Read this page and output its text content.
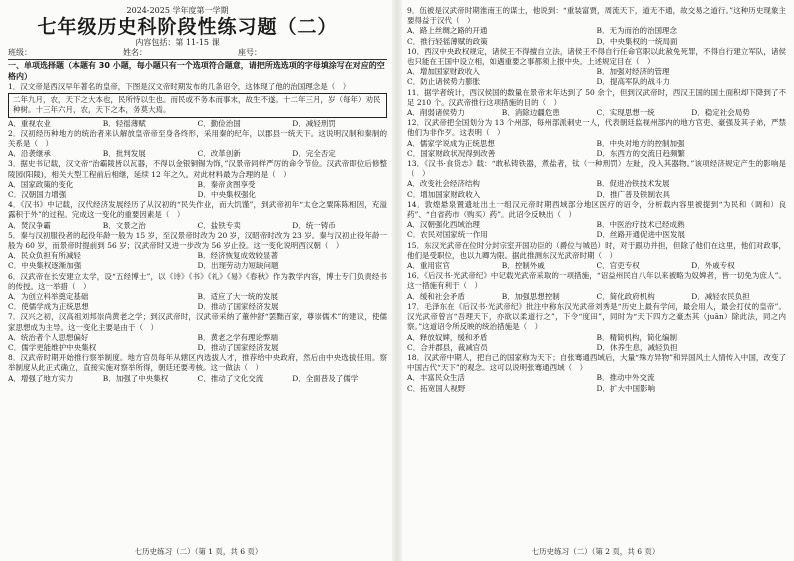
2024-2025 学年度第一学期
七年级历史科阶段性练习题（二）
内容包括：第 11-15 课
班级：	姓名：	座号：
一、单项选择题（本题有 30 小题，每小题只有一个选项符合题意，请把所选选项的字母填涂写在对应的空格内）
1．汉文帝是西汉早年著名的皇帝，下图是汉文帝时期发布的几条诏令，这体现了他的治国理念是（　）
二年九月，农，天下之大本也，民所恃以生也。而民或不务本而事末，故生不遂。十二年三月，岁（每年）劝民种树。十三年六月，农，天下之本，务莫大焉。
A．重视农业	B．轻徭薄赋	C．勤俭治国	D．减轻刑罚
2．汉初经历种地方的统治者来认解放皇帝帝至身各终形，采用秦的纪年，以郡县一统天下。这说明汉制和秦制的关系是（　）
A．沿袭继承	B．批判发展	C．改革创新	D．完全否定
3．据史书记载，汉文帝“治霸陵皆以瓦器，不得以金银铜锡为饰，”汉景帝同样严厉的命令节俭。汉武帝即位后修整陵园(阳陵)，相关大型工程前后相继，延续 12 年之久。对此材料最为合理的是（　）
A．国家政策的变化	B．秦帝贪图享受
C．汉朝国力增强	D．中央集权强化
4．《汉书》中记载，汉代经济发展经历了从汉初的“民失作业，而大饥馑”，到武帝初年“太仓之粟陈陈相因，充溢露积于外”的过程。完成这一变化的重要因素是（　）
A．焚汉争霸	B．文景之治	C．盐铁专卖	D．统一铸币
5．秦与汉初服役者的起役年龄一般为 15 岁，至汉景帝时改为 20 岁，汉昭帝时改为 23 岁。秦与汉初止役年龄一般为 60 岁，而景帝时提前到 56 岁；汉武帝时又进一步改为 56 岁止役。这一变化说明西汉朝（　）
A．民众负担有所减轻	B．经济恢复成效较显著
C．中央集权逐渐加强	D．出现劳动力短缺问题
6．汉武帝在长安建立太学，设“五经博士”，以《诗》《书》《礼》《易》《春秋》作为教学内容，博士专门负责经书的传授。这一举措（　）
A．为创立科举奠定基础	B．适应了大一统的发展
C．使儒学成为正统思想	D．推动了国家经济发展
7．汉兴之初，汉高祖刘邦崇尚黄老之学；到汉武帝时，汉武帝采纳了董仲舒“罢黜百家，尊崇儒术”的建议，使儒家思想成为主导。这一变化主要是由于（　）
A．统治者个人思想偏好	B．黄老之学有理论弊端
C．儒学更能维护中央集权	D．推动了国家经济发展
8．汉武帝时期开始推行察举制度。地方官员每年从辖区内选拔人才，推荐给中央政府，然后由中央选拔任用。察举制度从此正式确立，直接实施对察举所得，朝廷还要考核。这一做法（　）
A．增强了地方实力	B．加强了中央集权	C．推动了文化交流	D．全面普及了儒学
七历史练习（二）（第 1 页，共 6 页）
9．伍被是汉武帝时期淮南王的谋士，他说到：“重装富贾，周流天下，道无不通，故交易之道行。”这种历史现象主要得益于汉代（　）
A．路上丝绸之路的开通	B．无为而治的治国理念
C．推行轻徭薄赋的政策	D．中央集权的一统局面
10．西汉中央政权规定，诸侯王不得擅自立法，诸侯王不得自行任命官职以此赦免死罪，不得自行建立军队，诸侯也只能在王国中设立相，如遇重要之事都须上报中央。上述规定目在（　）
A．增加国家财政收入	B．加强对经济的管理
C．防止诸侯势力膨胀	D．提高军队的战斗力
11．据学者统计，西汉侯国的数量在景帝末年达到了 50 余个，但到汉武帝时，西汉王国的国土面积却下降到了不足 210 个。汉武帝推行这项措施的目的（　）
A．削弱诸侯势力	B．消除边疆危患	C．实现思想一统	D．稳定社会局势
12．汉武帝把全国划分为 13 个州部，每州部派刺史一人，代表朝廷监视州部内的地方官吏、豪强及其子弟，严禁他们为非作歹。这表明（　）
A．儒家学说成为正统思想	B．中央对地方的控制加强
C．国家财政状况得到改善	D．东西方的交流日趋频繁
13．《汉书·食货志》载：“敢私铸铁器，煮盐者，钛（一种刑罚）左趾，没入其器物。”该项经济规定产生的影响是（　）
A．改变社会经济结构	B．促进冶铁技术发展
C．增加国家财政收入	D．推广普及铁制农具
14．敦煌悬泉置遗址出土一组汉元帝时期西域部分地区医疗的诏令，分析载内容里被提到“为民和（调和）良药”、“自省药市（购买）药”。此诏令反映出（　）
A．汉朝强化西域治理	B．中医治疗技术已经成熟
C．农民对国家统一作用	D．丝路开通促进中医发展
15．东汉光武帝在位时分封宗室开国功臣的（爵位与城邑）时，对于跟功并担，但除了他们在这里，他们对政事，他们是受职位，也以九卿为限。据此推测东汉光武帝时期（　）
A．重用宦官	B．控制外戚	C．官吏专权	D．外戚专权
16．《后汉书·光武帝纪》中记载光武帝采取的一项措施，“诏益州民自八年以来被略为奴婢者，皆一切免为庶人”。这一措施有利于（　）
A．缓和社会矛盾	B．加强思想控制	C．简化政府机构	D．减轻农民负担
17．毛泽东在《后汉书·光武帝纪》批注中称东汉光武帝刘秀是“历史上最有学问，最会用人，最会打仗的皇帝”。汉光武帝曾言“吾理天下，亦欲以柔道行之”，下令“度田”，同时为“天下四方之豪杰其（juān）除此法，同之内察。”这道诏令所反映的统治措施是（　）
A．释放奴婢，缓和矛盾	B．精简机构，简化编制
C．合并郡县，裁减官员	D．休养生息，减轻负担
18．汉武帝中期人，把自己的国家称为天下；自张骞通西域后，大量“殊方异物”和异国风土人情传入中国，改变了中国古代“天下”的观念。这可以说明张骞通西域（　）
A．丰富民众生活	B．推动中外交流
C．拓宽国人视野	D．扩大中国影响
七历史练习（二）（第 2 页，共 6 页）
